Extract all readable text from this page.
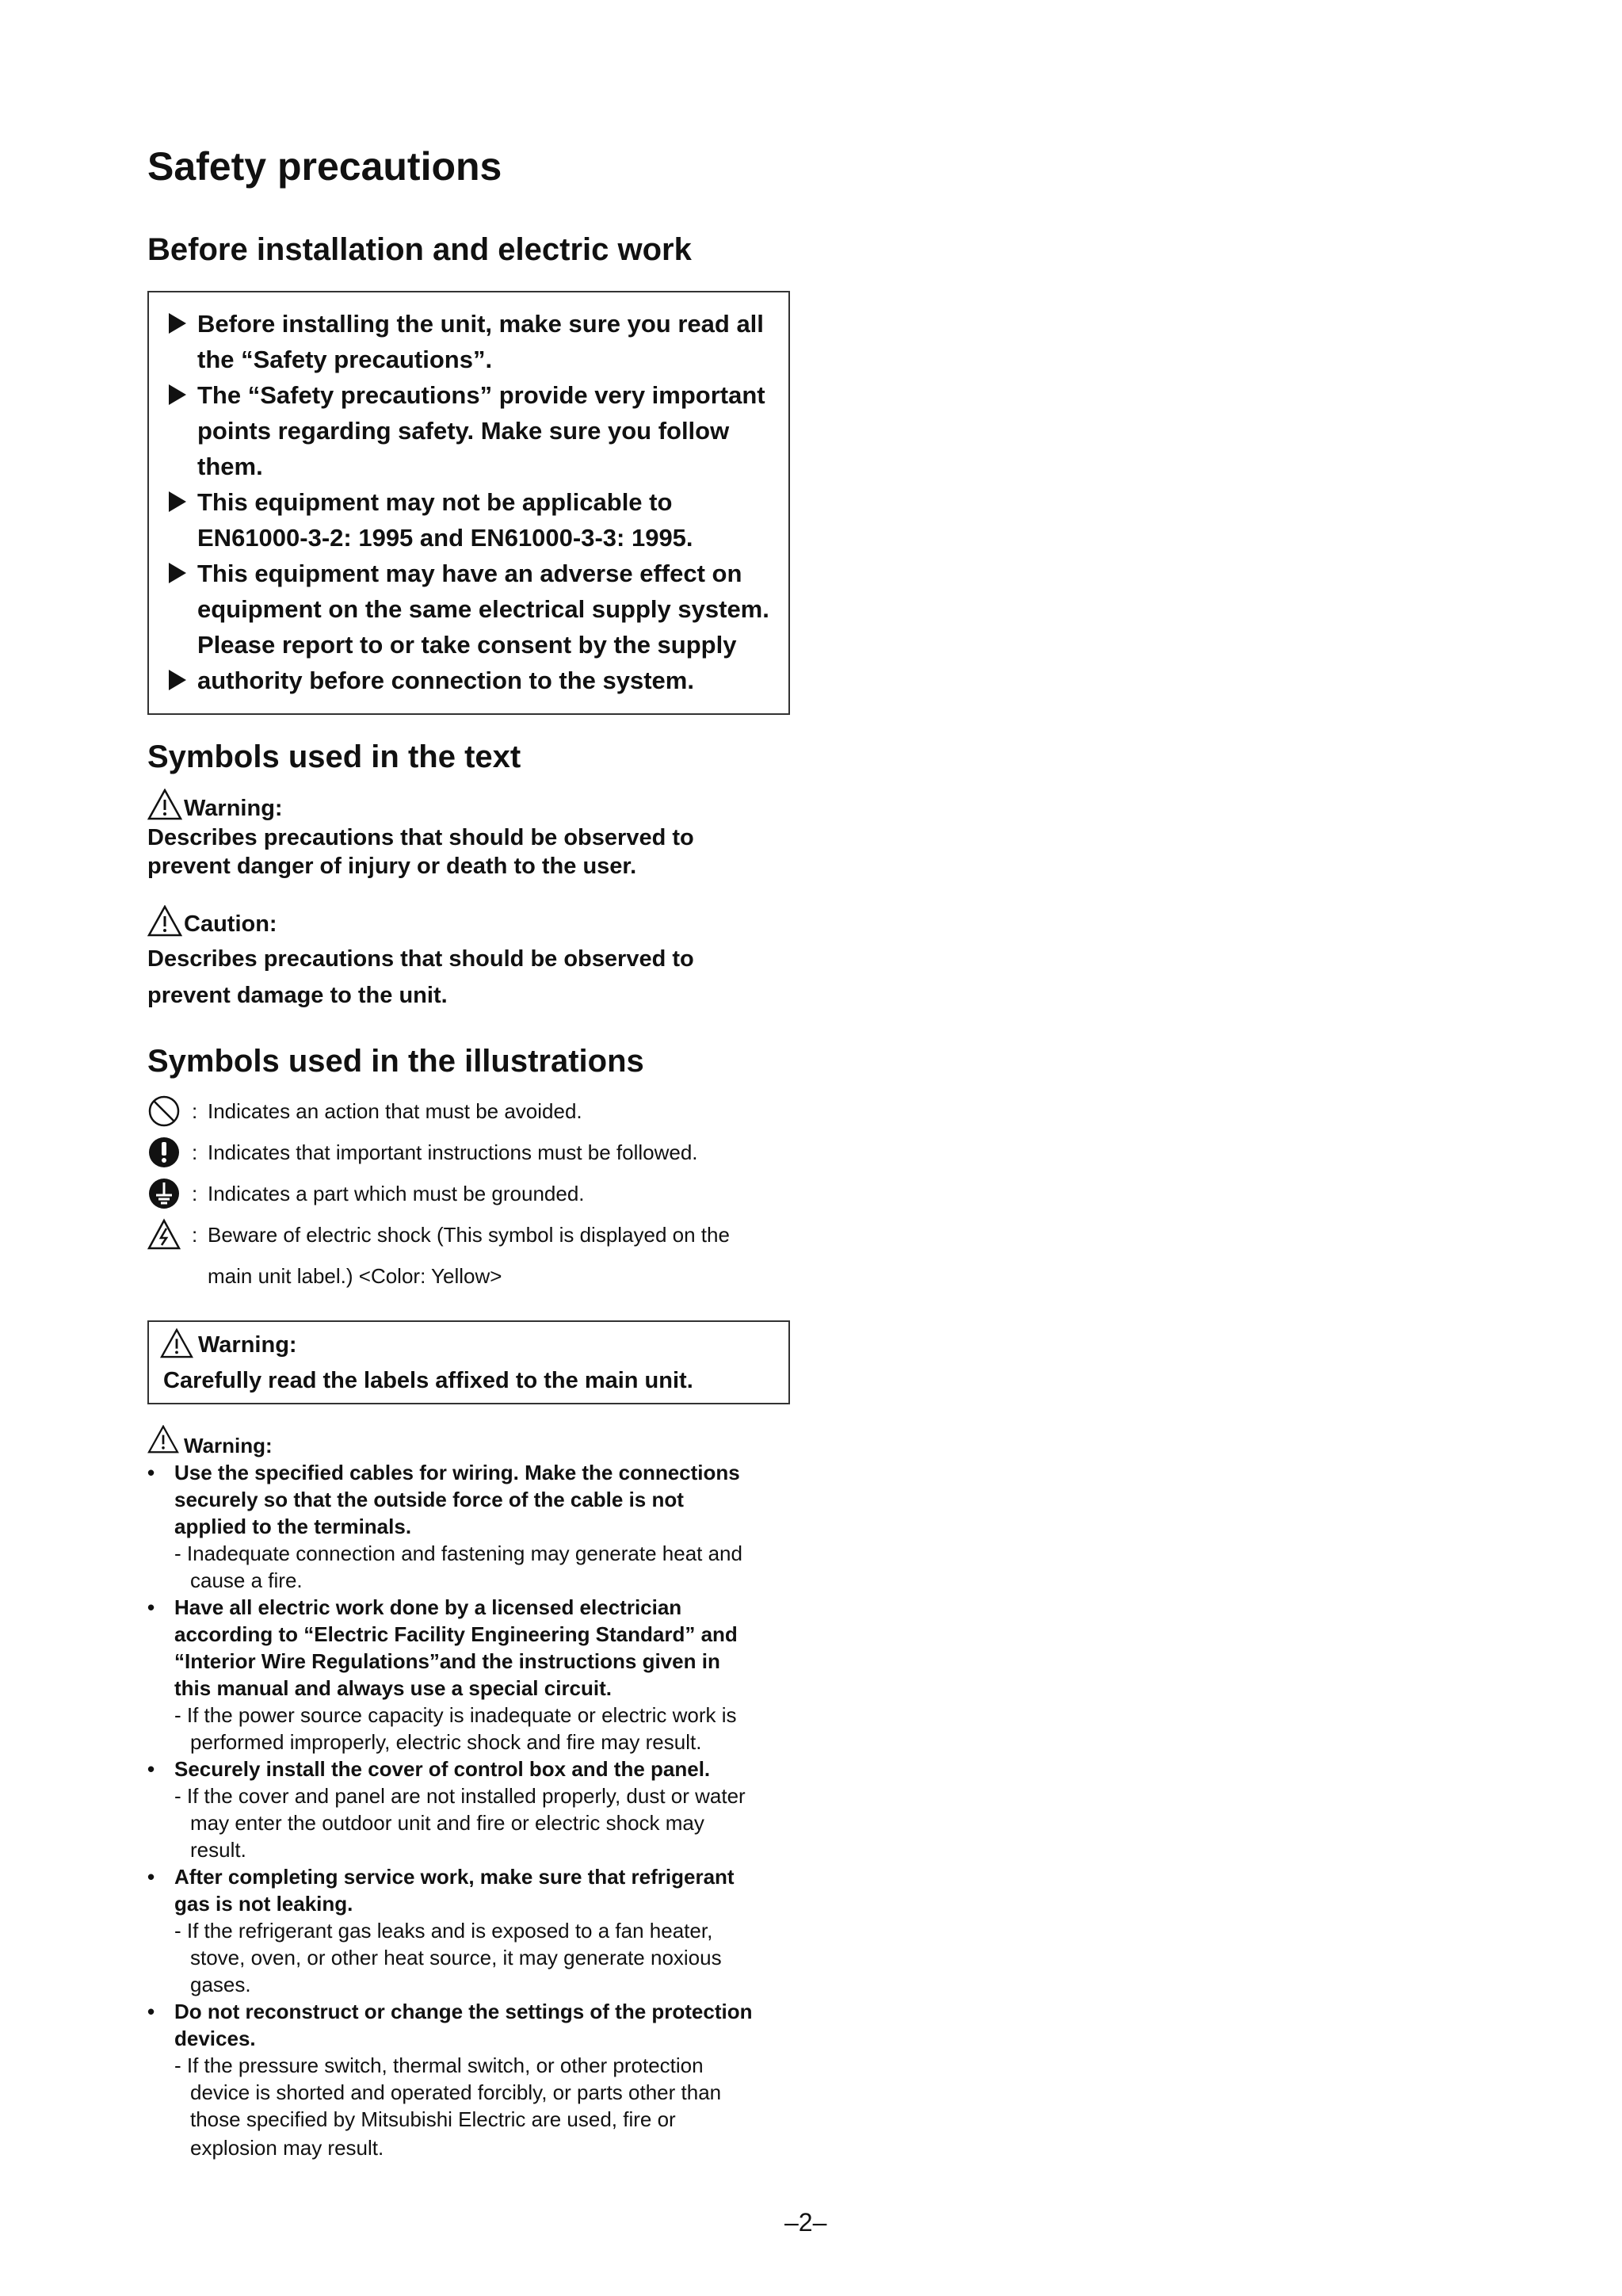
Safety precautions
Before installation and electric work
Before installing the unit, make sure you read all
the “Safety precautions”.
The “Safety precautions” provide very important
points regarding safety. Make sure you follow
them.
This equipment may not be applicable to
EN61000-3-2: 1995 and EN61000-3-3: 1995.
This equipment may have an adverse effect on
equipment on the same electrical supply system.
Please report to or take consent by the supply
authority before connection to the system.
Symbols used in the text
Warning:
Describes precautions that should be observed to
prevent danger of injury or death to the user.
Caution:
Describes precautions that should be observed to
prevent damage to the unit.
Symbols used in the illustrations
: Indicates an action that must be avoided.
: Indicates that important instructions must be followed.
: Indicates a part which must be grounded.
: Beware of electric shock (This symbol is displayed on the
main unit label.) <Color: Yellow>
Warning:
Carefully read the labels affixed to the main unit.
Warning:
• Use the specified cables for wiring. Make the connections
securely so that the outside force of the cable is not
applied to the terminals.
- Inadequate connection and fastening may generate heat and
cause a fire.
• Have all electric work done by a licensed electrician
according to “Electric Facility Engineering Standard” and
“Interior Wire Regulations”and the instructions given in
this manual and always use a special circuit.
- If the power source capacity is inadequate or electric work is
performed improperly, electric shock and fire may result.
• Securely install the cover of control box and the panel.
- If the cover and panel are not installed properly, dust or water
may enter the outdoor unit and fire or electric shock may
result.
• After completing service work, make sure that refrigerant
gas is not leaking.
- If the refrigerant gas leaks and is exposed to a fan heater,
stove, oven, or other heat source, it may generate noxious
gases.
• Do not reconstruct or change the settings of the protection
devices.
- If the pressure switch, thermal switch, or other protection
device is shorted and operated forcibly, or parts other than
those specified by Mitsubishi Electric are used, fire or
explosion may result.
–2–
